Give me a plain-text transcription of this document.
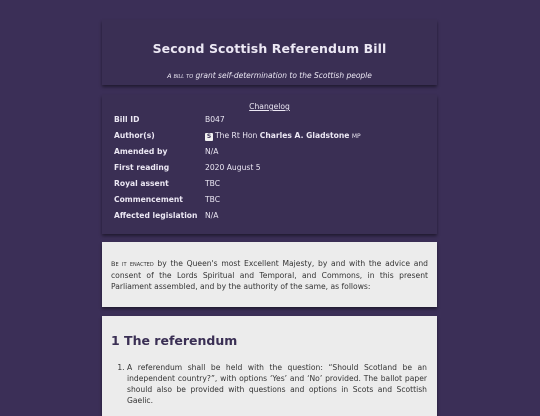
Second Scottish Referendum Bill
A bill to grant self-determination to the Scottish people
Changelog
Bill ID	B047
Author(s)	S The Rt Hon Charles A. Gladstone MP
Amended by	N/A
First reading	2020 August 5
Royal assent	TBC
Commencement	TBC
Affected legislation N/A

Be it enacted by the Queen's most Excellent Majesty, by and with the advice and consent of the Lords Spiritual and Temporal, and Commons, in this present Parliament assembled, and by the authority of the same, as follows:

1 The referendum
1. A referendum shall be held with the question: “Should Scotland be an independent country?”, with options ‘Yes’ and ‘No’ provided. The ballot paper should also be provided with questions and options in Scots and Scottish Gaelic.
